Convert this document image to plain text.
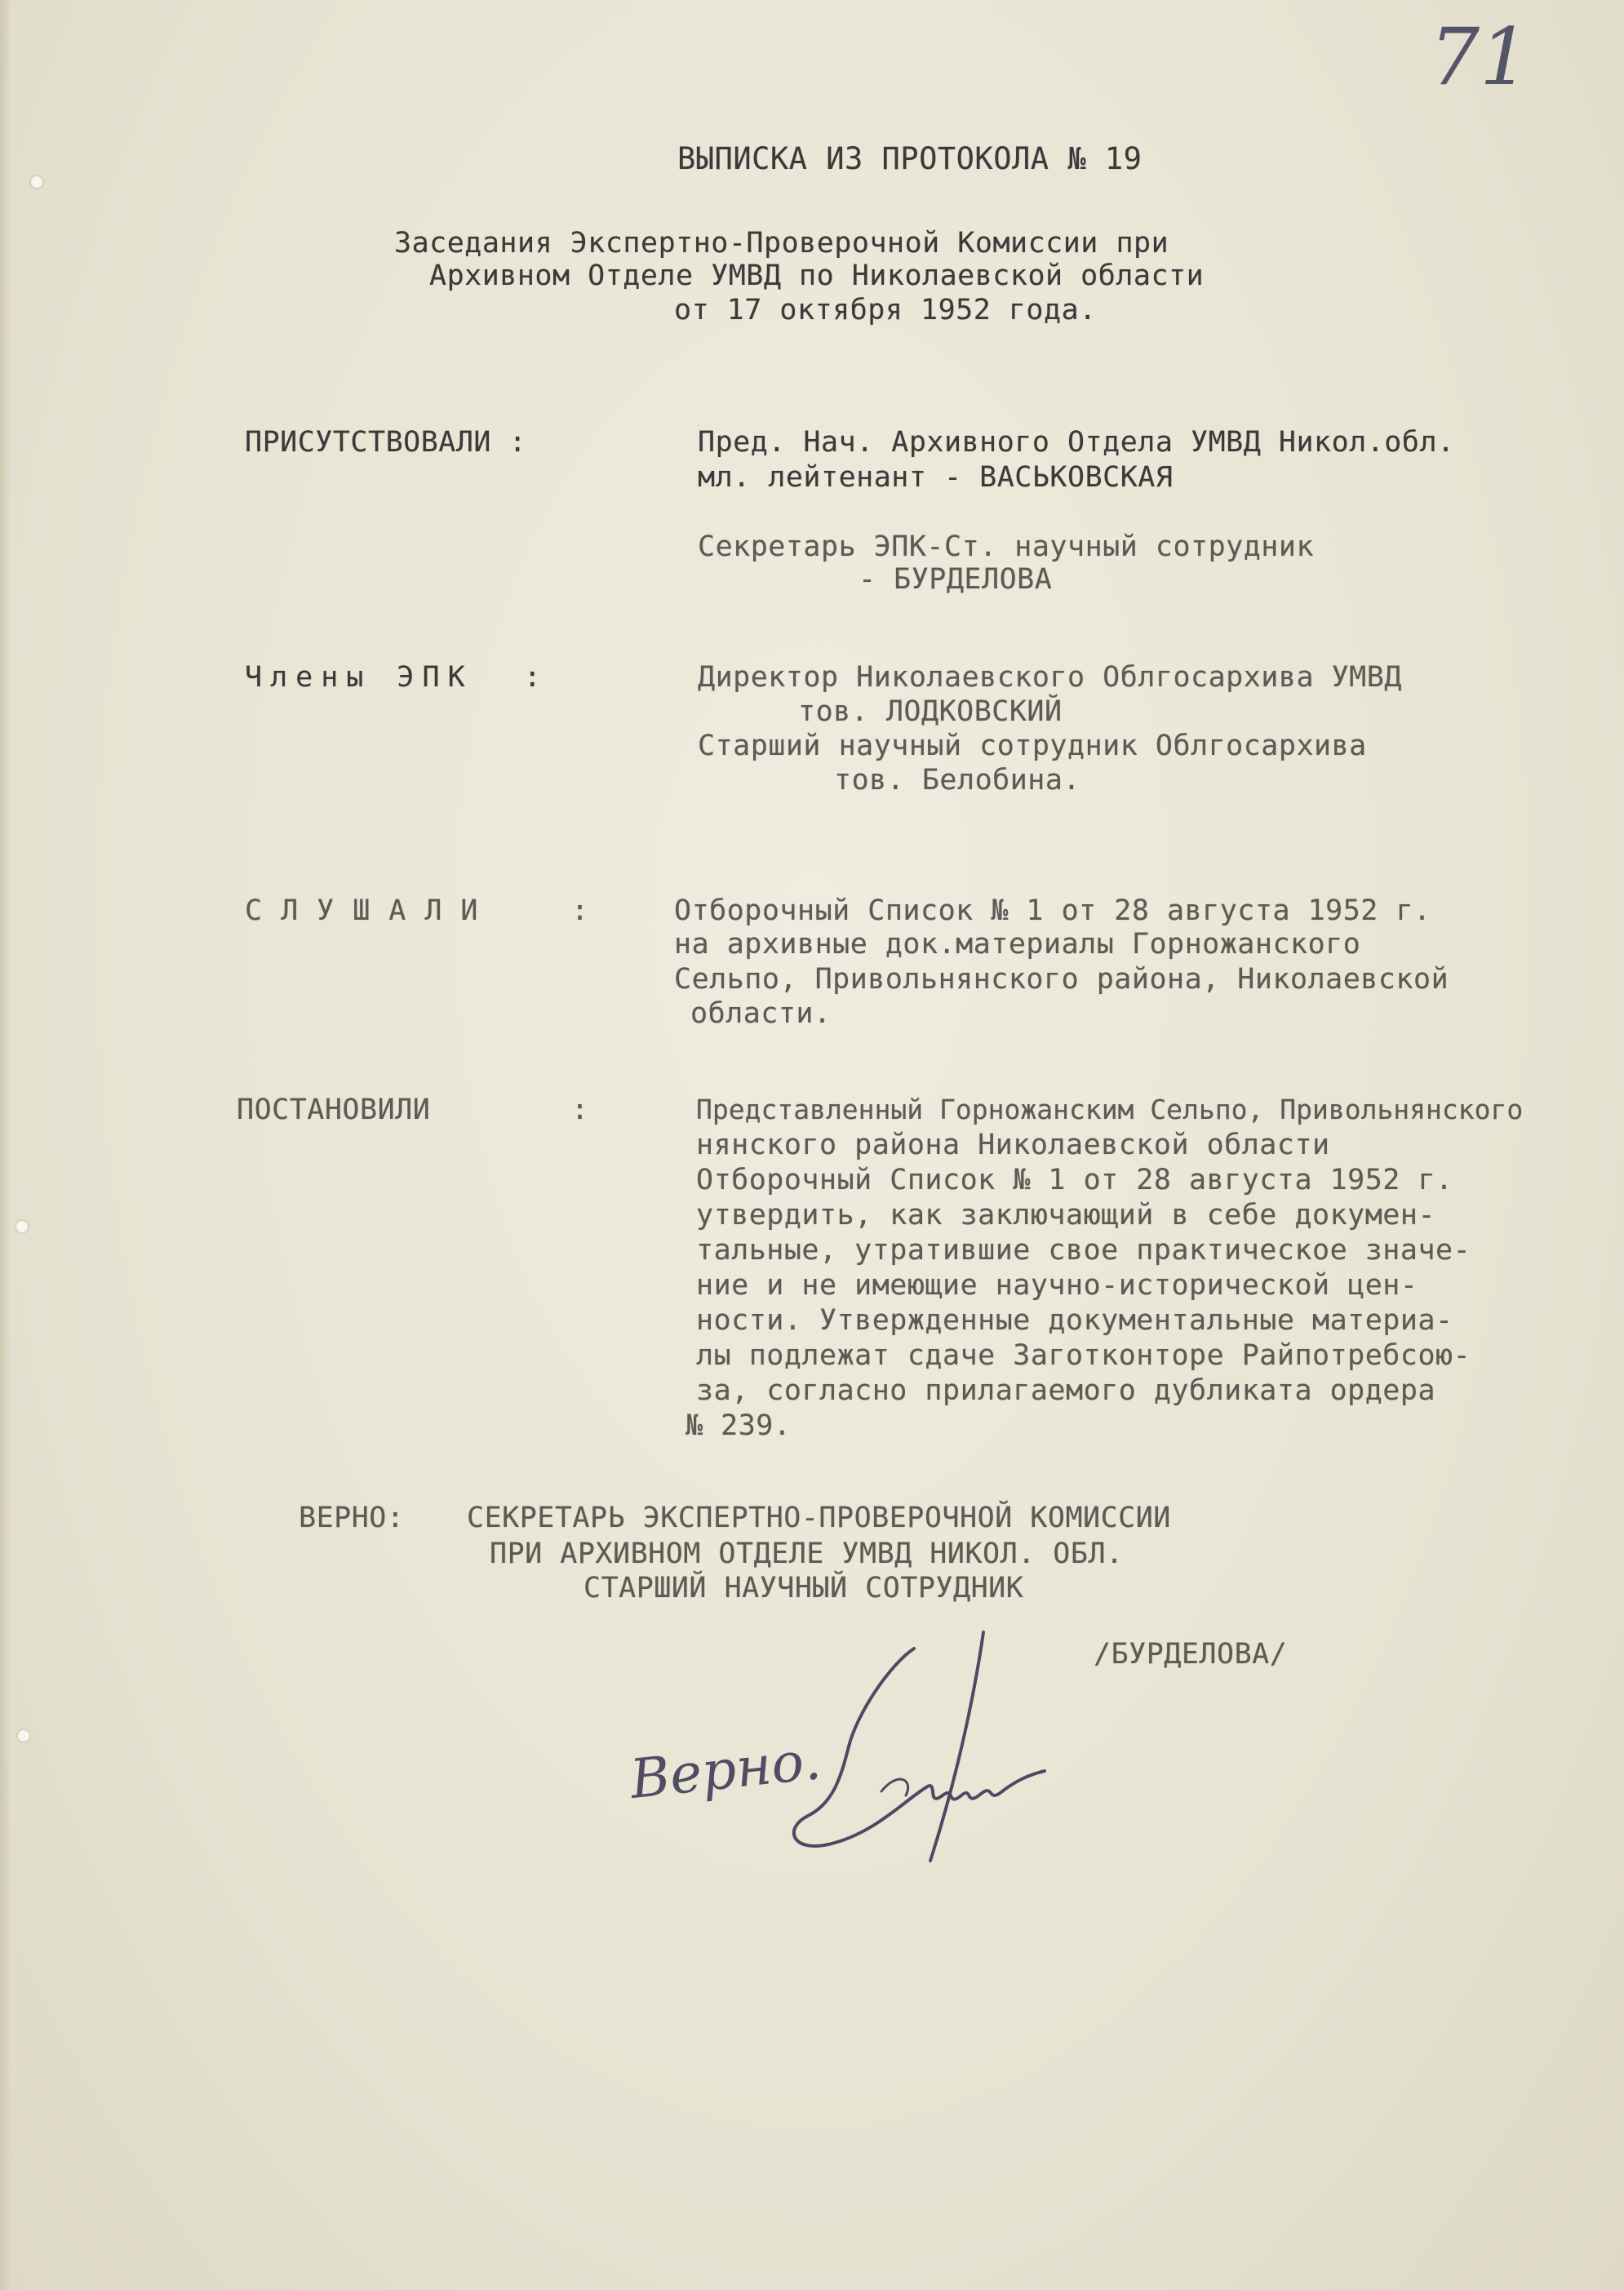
71
ВЫПИСКА ИЗ ПРОТОКОЛА № 19
Заседания Экспертно-Проверочной Комиссии при
Архивном Отделе УМВД по Николаевской области
от 17 октября 1952 года.
ПРИСУТСТВОВАЛИ :	Пред. Нач. Архивного Отдела УМВД Никол.обл.
мл. лейтенант - ВАСЬКОВСКАЯ
Секретарь ЭПК-Ст. научный сотрудник
- БУРДЕЛОВА
Члены ЭПК  :	Директор Николаевского Облгосархива УМВД
тов. ЛОДКОВСКИЙ
Старший научный сотрудник Облгосархива
тов. Белобина.
СЛУШАЛИ	:	Отборочный Список № 1 от 28 августа 1952 г.
на архивные док.материалы Горножанского
Сельпо, Привольнянского района, Николаевской
области.
ПОСТАНОВИЛИ	:	Представленный Горножанским Сельпо, Привольнянского
нянского района Николаевской области
Отборочный Список № 1 от 28 августа 1952 г.
утвердить, как заключающий в себе докумен-
тальные, утратившие свое практическое значе-
ние и не имеющие научно-исторической цен-
ности. Утвержденные документальные материа-
лы подлежат сдаче Заготконторе Райпотребсою-
за, согласно прилагаемого дубликата ордера
№ 239.
ВЕРНО: СЕКРЕТАРЬ ЭКСПЕРТНО-ПРОВЕРОЧНОЙ КОМИССИИ
ПРИ АРХИВНОМ ОТДЕЛЕ УМВД НИКОЛ. ОБЛ.
СТАРШИЙ НАУЧНЫЙ СОТРУДНИК
/БУРДЕЛОВА/
Верно.
